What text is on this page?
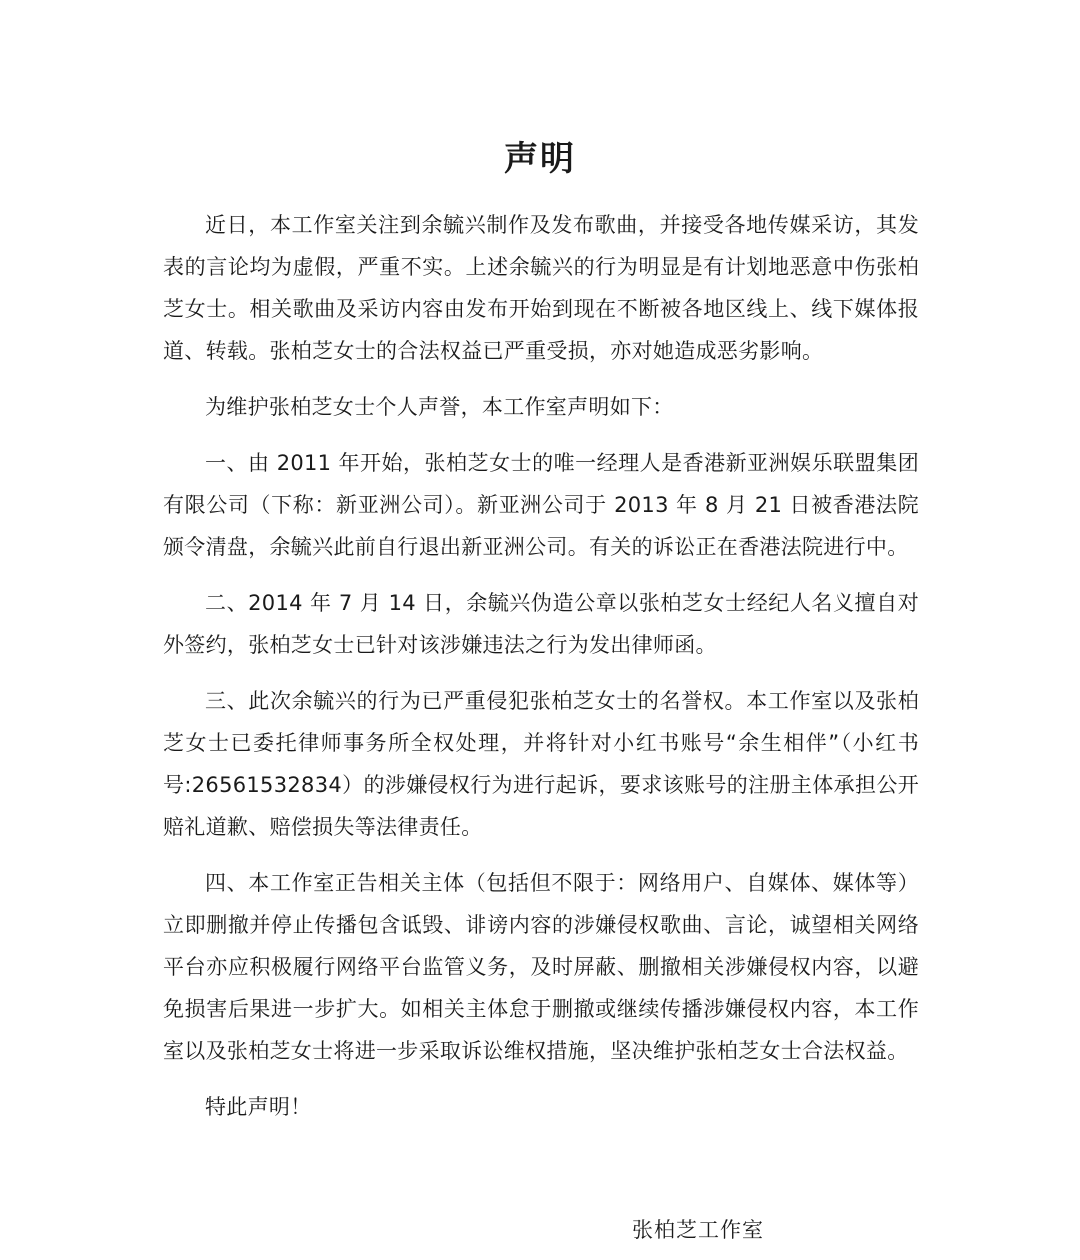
声明

近日，本工作室关注到余毓兴制作及发布歌曲，并接受各地传媒采访，其发表的言论均为虚假，严重不实。上述余毓兴的行为明显是有计划地恶意中伤张柏芝女士。相关歌曲及采访内容由发布开始到现在不断被各地区线上、线下媒体报道、转载。张柏芝女士的合法权益已严重受损，亦对她造成恶劣影响。

为维护张柏芝女士个人声誉，本工作室声明如下：

一、由 2011 年开始，张柏芝女士的唯一经理人是香港新亚洲娱乐联盟集团有限公司（下称：新亚洲公司）。新亚洲公司于 2013 年 8 月 21 日被香港法院颁令清盘，余毓兴此前自行退出新亚洲公司。有关的诉讼正在香港法院进行中。

二、2014 年 7 月 14 日，余毓兴伪造公章以张柏芝女士经纪人名义擅自对外签约，张柏芝女士已针对该涉嫌违法之行为发出律师函。

三、此次余毓兴的行为已严重侵犯张柏芝女士的名誉权。本工作室以及张柏芝女士已委托律师事务所全权处理，并将针对小红书账号“余生相伴”（小红书号:26561532834）的涉嫌侵权行为进行起诉，要求该账号的注册主体承担公开赔礼道歉、赔偿损失等法律责任。

四、本工作室正告相关主体（包括但不限于：网络用户、自媒体、媒体等）立即删撤并停止传播包含诋毁、诽谤内容的涉嫌侵权歌曲、言论，诚望相关网络平台亦应积极履行网络平台监管义务，及时屏蔽、删撤相关涉嫌侵权内容，以避免损害后果进一步扩大。如相关主体怠于删撤或继续传播涉嫌侵权内容，本工作室以及张柏芝女士将进一步采取诉讼维权措施，坚决维护张柏芝女士合法权益。

特此声明！

张柏芝工作室
